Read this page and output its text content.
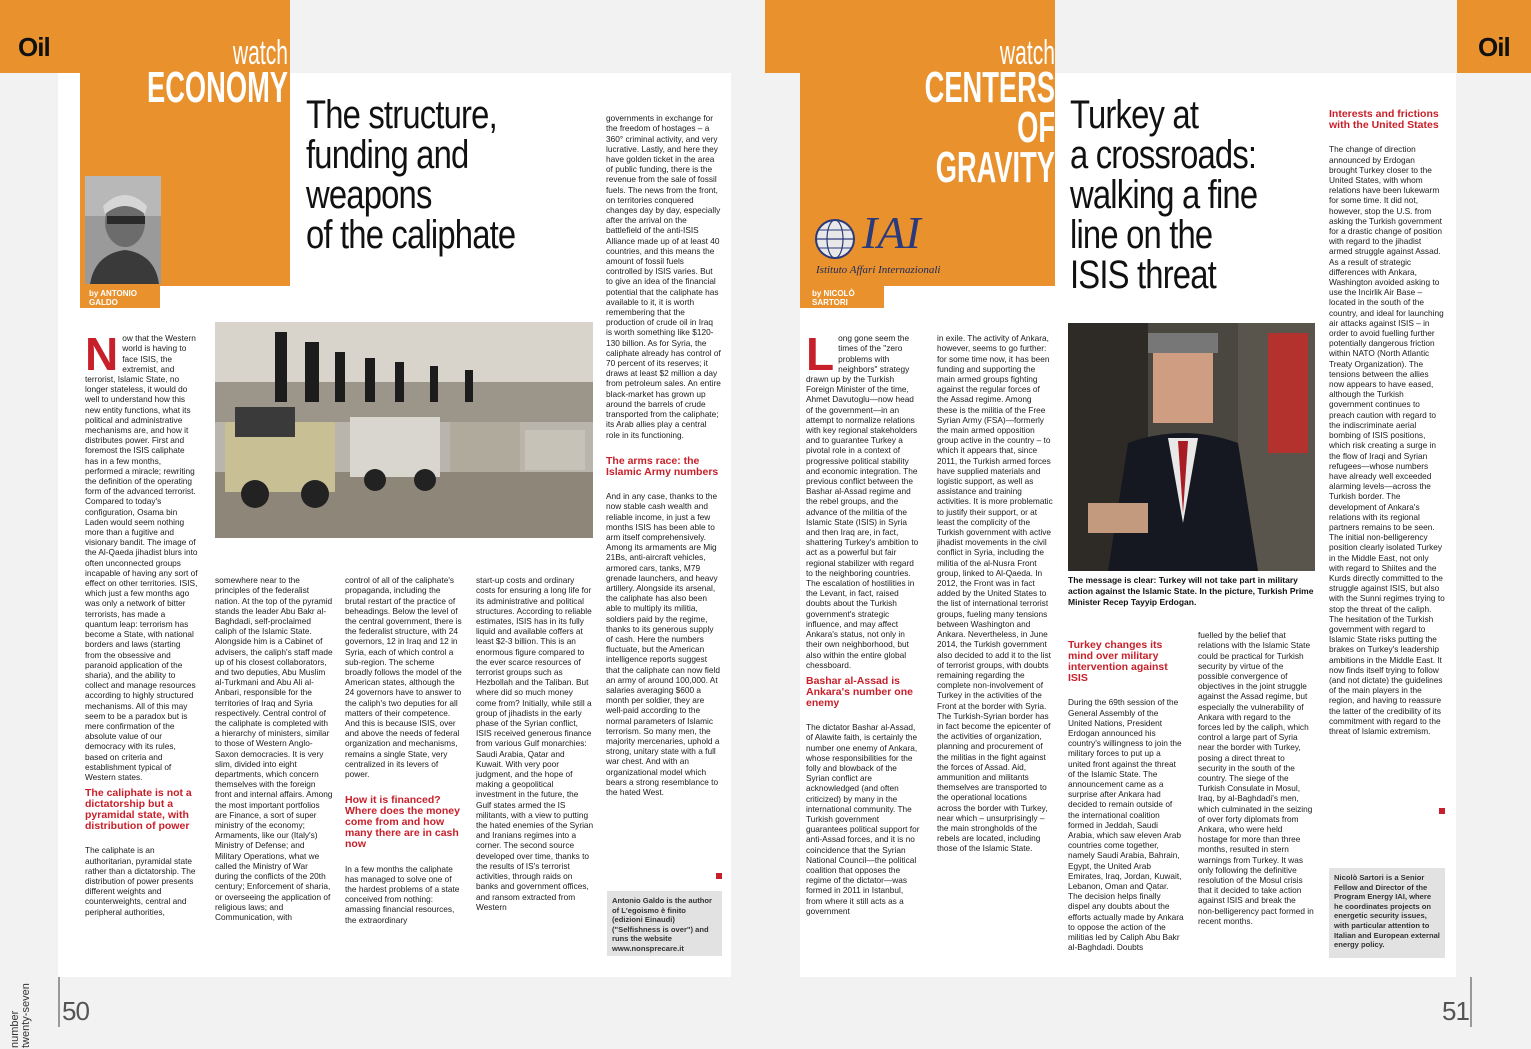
Oil	watch
ECONOMY
The structure,
funding and
weapons
of the caliphate
by ANTONIO
GALDO

Now that the Western world is having to face ISIS, the extremist, and terrorist, Islamic State, no longer stateless, it would do well to understand how this new entity functions, what its political and administrative mechanisms are, and how it distributes power. First and foremost the ISIS caliphate has in a few months, performed a miracle; rewriting the definition of the operating form of the advanced terrorist. Compared to today's configuration, Osama bin Laden would seem nothing more than a fugitive and visionary bandit. The image of the Al-Qaeda jihadist blurs into often unconnected groups incapable of having any sort of effect on other territories. ISIS, which just a few months ago was only a network of bitter terrorists, has made a quantum leap: terrorism has become a State, with national borders and laws (starting from the obsessive and paranoid application of the sharia), and the ability to collect and manage resources according to highly structured mechanisms. All of this may seem to be a paradox but is mere confirmation of the absolute value of our democracy with its rules, based on criteria and establishment typical of Western states.

The caliphate is not a dictatorship but a pyramidal state, with distribution of power

The caliphate is an authoritarian, pyramidal state rather than a dictatorship. The distribution of power presents different weights and counterweights, central and peripheral authorities,

somewhere near to the principles of the federalist nation. At the top of the pyramid stands the leader Abu Bakr al-Baghdadi, self-proclaimed caliph of the Islamic State. Alongside him is a Cabinet of advisers, the caliph's staff made up of his closest collaborators, and two deputies, Abu Muslim al-Turkmani and Abu Ali al-Anbari, responsible for the territories of Iraq and Syria respectively. Central control of the caliphate is completed with a hierarchy of ministers, similar to those of Western Anglo-Saxon democracies. It is very slim, divided into eight departments, which concern themselves with the foreign front and internal affairs. Among the most important portfolios are Finance, a sort of super ministry of the economy; Armaments, like our (Italy's) Ministry of Defense; and Military Operations, what we called the Ministry of War during the conflicts of the 20th century; Enforcement of sharia, or overseeing the application of religious laws; and Communication, with

control of all of the caliphate's propaganda, including the brutal restart of the practice of beheadings. Below the level of the central government, there is the federalist structure, with 24 governors, 12 in Iraq and 12 in Syria, each of which control a sub-region. The scheme broadly follows the model of the American states, although the 24 governors have to answer to the caliph's two deputies for all matters of their competence. And this is because ISIS, over and above the needs of federal organization and mechanisms, remains a single State, very centralized in its levers of power.

How it is financed? Where does the money come from and how many there are in cash now

In a few months the caliphate has managed to solve one of the hardest problems of a state conceived from nothing: amassing financial resources, the extraordinary

start-up costs and ordinary costs for ensuring a long life for its administrative and political structures. According to reliable estimates, ISIS has in its fully liquid and available coffers at least $2-3 billion. This is an enormous figure compared to the ever scarce resources of terrorist groups such as Hezbollah and the Taliban. But where did so much money come from? Initially, while still a group of jihadists in the early phase of the Syrian conflict, ISIS received generous finance from various Gulf monarchies: Saudi Arabia, Qatar and Kuwait. With very poor judgment, and the hope of making a geopolitical investment in the future, the Gulf states armed the IS militants, with a view to putting the hated enemies of the Syrian and Iranians regimes into a corner. The second source developed over time, thanks to the results of IS's terrorist activities, through raids on banks and government offices, and ransom extracted from Western

governments in exchange for the freedom of hostages – a 360° criminal activity, and very lucrative. Lastly, and here they have golden ticket in the area of public funding, there is the revenue from the sale of fossil fuels. The news from the front, on territories conquered changes day by day, especially after the arrival on the battlefield of the anti-ISIS Alliance made up of at least 40 countries, and this means the amount of fossil fuels controlled by ISIS varies. But to give an idea of the financial potential that the caliphate has available to it, it is worth remembering that the production of crude oil in Iraq is worth something like $120-130 billion. As for Syria, the caliphate already has control of 70 percent of its reserves; it draws at least $2 million a day from petroleum sales. An entire black-market has grown up around the barrels of crude transported from the caliphate; its Arab allies play a central role in its functioning.

The arms race: the Islamic Army numbers

And in any case, thanks to the now stable cash wealth and reliable income, in just a few months ISIS has been able to arm itself comprehensively. Among its armaments are Mig 21Bs, anti-aircraft vehicles, armored cars, tanks, M79 grenade launchers, and heavy artillery. Alongside its arsenal, the caliphate has also been able to multiply its militia, soldiers paid by the regime, thanks to its generous supply of cash. Here the numbers fluctuate, but the American intelligence reports suggest that the caliphate can now field an army of around 100,000. At salaries averaging $600 a month per soldier, they are well-paid according to the normal parameters of Islamic terrorism. So many men, the majority mercenaries, uphold a strong, unitary state with a full war chest. And with an organizational model which bears a strong resemblance to the hated West.

Antonio Galdo is the author of L'egoismo è finito (edizioni Einaudi) ("Selfishness is over") and runs the website www.nonsprecare.it
number
twenty-seven 50
Oil
watch
CENTERS
OF GRAVITY
IAI
Istituto Affari Internazionali
by NICOLÒ
SARTORI
Turkey at
a crossroads:
walking a fine
line on the
ISIS threat
The message is clear: Turkey will not take part in military action against the Islamic State. In the picture, Turkish Prime Minister Recep Tayyip Erdogan.

Long gone seem the times of the "zero problems with neighbors" strategy drawn up by the Turkish Foreign Minister of the time, Ahmet Davutoglu—now head of the government—in an attempt to normalize relations with key regional stakeholders and to guarantee Turkey a pivotal role in a context of progressive political stability and economic integration. The previous conflict between the Bashar al-Assad regime and the rebel groups, and the advance of the militia of the Islamic State (ISIS) in Syria and then Iraq are, in fact, shattering Turkey's ambition to act as a powerful but fair regional stabilizer with regard to the neighboring countries. The escalation of hostilities in the Levant, in fact, raised doubts about the Turkish government's strategic influence, and may affect Ankara's status, not only in their own neighborhood, but also within the entire global chessboard.

Bashar al-Assad is Ankara's number one enemy

The dictator Bashar al-Assad, of Alawite faith, is certainly the number one enemy of Ankara, whose responsibilities for the folly and blowback of the Syrian conflict are acknowledged (and often criticized) by many in the international community. The Turkish government guarantees political support for anti-Assad forces, and it is no coincidence that the Syrian National Council—the political coalition that opposes the regime of the dictator—was formed in 2011 in Istanbul, from where it still acts as a government

in exile. The activity of Ankara, however, seems to go further: for some time now, it has been funding and supporting the main armed groups fighting against the regular forces of the Assad regime. Among these is the militia of the Free Syrian Army (FSA)—formerly the main armed opposition group active in the country – to which it appears that, since 2011, the Turkish armed forces have supplied materials and logistic support, as well as assistance and training activities. It is more problematic to justify their support, or at least the complicity of the Turkish government with active jihadist movements in the civil conflict in Syria, including the militia of the al-Nusra Front group, linked to Al-Qaeda. In 2012, the Front was in fact added by the United States to the list of international terrorist groups, fueling many tensions between Washington and Ankara. Nevertheless, in June 2014, the Turkish government also decided to add it to the list of terrorist groups, with doubts remaining regarding the complete non-involvement of Turkey in the activities of the Front at the border with Syria. The Turkish-Syrian border has in fact become the epicenter of the activities of organization, planning and procurement of the militias in the fight against the forces of Assad. Aid, ammunition and militants themselves are transported to the operational locations across the border with Turkey, near which – unsurprisingly – the main strongholds of the rebels are located, including those of the Islamic State.

Turkey changes its mind over military intervention against ISIS

During the 69th session of the General Assembly of the United Nations, President Erdogan announced his country's willingness to join the military forces to put up a united front against the threat of the Islamic State. The announcement came as a surprise after Ankara had decided to remain outside of the international coalition formed in Jeddah, Saudi Arabia, which saw eleven Arab countries come together, namely Saudi Arabia, Bahrain, Egypt, the United Arab Emirates, Iraq, Jordan, Kuwait, Lebanon, Oman and Qatar. The decision helps finally dispel any doubts about the efforts actually made by Ankara to oppose the action of the militias led by Caliph Abu Bakr al-Baghdadi. Doubts

fuelled by the belief that relations with the Islamic State could be practical for Turkish security by virtue of the possible convergence of objectives in the joint struggle against the Assad regime, but especially the vulnerability of Ankara with regard to the forces led by the caliph, which control a large part of Syria near the border with Turkey, posing a direct threat to security in the south of the country. The siege of the Turkish Consulate in Mosul, Iraq, by al-Baghdadi's men, which culminated in the seizing of over forty diplomats from Ankara, who were held hostage for more than three months, resulted in stern warnings from Turkey. It was only following the definitive resolution of the Mosul crisis that it decided to take action against ISIS and break the non-belligerency pact formed in recent months.

Interests and frictions with the United States

The change of direction announced by Erdogan brought Turkey closer to the United States, with whom relations have been lukewarm for some time. It did not, however, stop the U.S. from asking the Turkish government for a drastic change of position with regard to the jihadist armed struggle against Assad. As a result of strategic differences with Ankara, Washington avoided asking to use the Incirlik Air Base – located in the south of the country, and ideal for launching air attacks against ISIS – in order to avoid fuelling further potentially dangerous friction within NATO (North Atlantic Treaty Organization). The tensions between the allies now appears to have eased, although the Turkish government continues to preach caution with regard to the indiscriminate aerial bombing of ISIS positions, which risk creating a surge in the flow of Iraqi and Syrian refugees—whose numbers have already well exceeded alarming levels—across the Turkish border. The development of Ankara's relations with its regional partners remains to be seen. The initial non-belligerency position clearly isolated Turkey in the Middle East, not only with regard to Shiites and the Kurds directly committed to the struggle against ISIS, but also with the Sunni regimes trying to stop the threat of the caliph. The hesitation of the Turkish government with regard to Islamic State risks putting the brakes on Turkey's leadership ambitions in the Middle East. It now finds itself trying to follow (and not dictate) the guidelines of the main players in the region, and having to reassure the latter of the credibility of its commitment with regard to the threat of Islamic extremism.

Nicolò Sartori is a Senior Fellow and Director of the Program Energy IAI, where he coordinates projects on energetic security issues, with particular attention to Italian and European external energy policy.
51
